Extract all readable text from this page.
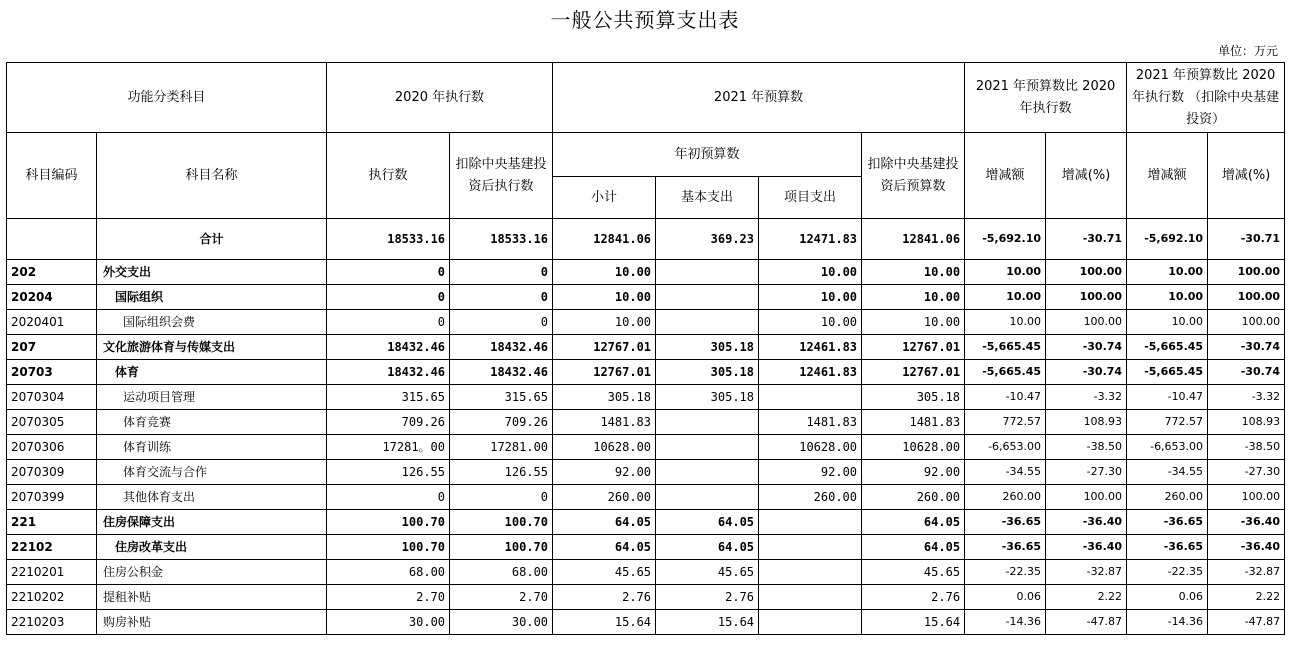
一般公共预算支出表
单位：万元
功能分类科目		2020 年执行数		2021 年预算数				2021 年预算数比 2020 年执行数		2021 年预算数比 2020 年执行数 （扣除中央基建投资）	
科目编码	科目名称	执行数	扣除中央基建投资后执行数	年初预算数			扣除中央基建投资后预算数	增减额	增减(%)	增减额	增减(%)
				小计	基本支出	项目支出					
	合计	18533.16	18533.16	12841.06	369.23	12471.83	12841.06	-5,692.10	-30.71	-5,692.10	-30.71
202	外交支出	0	0	10.00		10.00	10.00	10.00	100.00	10.00	100.00
20204	国际组织	0	0	10.00		10.00	10.00	10.00	100.00	10.00	100.00
2020401	国际组织会费	0	0	10.00		10.00	10.00	10.00	100.00	10.00	100.00
207	文化旅游体育与传媒支出	18432.46	18432.46	12767.01	305.18	12461.83	12767.01	-5,665.45	-30.74	-5,665.45	-30.74
20703	体育	18432.46	18432.46	12767.01	305.18	12461.83	12767.01	-5,665.45	-30.74	-5,665.45	-30.74
2070304	运动项目管理	315.65	315.65	305.18	305.18		305.18	-10.47	-3.32	-10.47	-3.32
2070305	体育竞赛	709.26	709.26	1481.83		1481.83	1481.83	772.57	108.93	772.57	108.93
2070306	体育训练	17281。00	17281.00	10628.00		10628.00	10628.00	-6,653.00	-38.50	-6,653.00	-38.50
2070309	体育交流与合作	126.55	126.55	92.00		92.00	92.00	-34.55	-27.30	-34.55	-27.30
2070399	其他体育支出	0	0	260.00		260.00	260.00	260.00	100.00	260.00	100.00
221	住房保障支出	100.70	100.70	64.05	64.05		64.05	-36.65	-36.40	-36.65	-36.40
22102	住房改革支出	100.70	100.70	64.05	64.05		64.05	-36.65	-36.40	-36.65	-36.40
2210201	住房公积金	68.00	68.00	45.65	45.65		45.65	-22.35	-32.87	-22.35	-32.87
2210202	提租补贴	2.70	2.70	2.76	2.76		2.76	0.06	2.22	0.06	2.22
2210203	购房补贴	30.00	30.00	15.64	15.64		15.64	-14.36	-47.87	-14.36	-47.87
